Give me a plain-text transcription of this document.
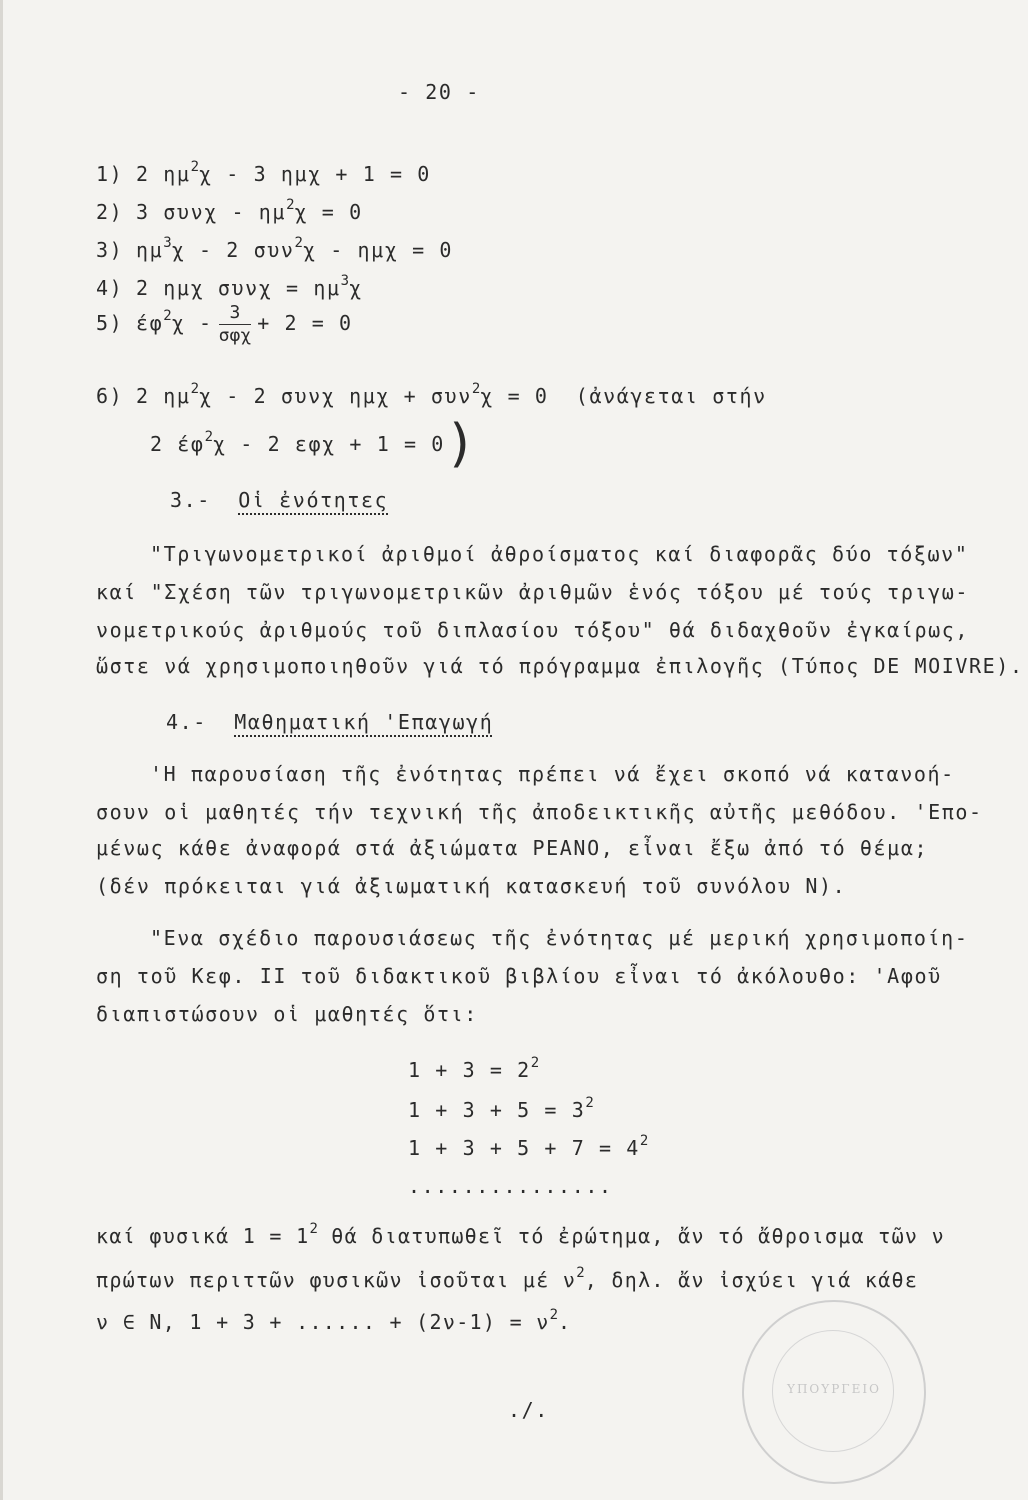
- 20 -
1) 2 $\eta\mu^2\chi - 3$ ημχ + 1 = 0
2) 3 $\sigma\upsilon\nu\chi - \eta\mu^2\chi = 0$
3) $\eta\mu^3\chi - 2$ συν$^2$χ - ημχ = 0
4) 2 ημχ $\sigma\upsilon\nu\chi = \eta\mu^3\chi$
5) $έ\varphi^2\chi - \frac{3}{\text{σφχ}} + 2 = 0$
6) 2 $\eta\mu^2\chi - 2$ συνχ ημχ + συν$^2$χ = 0 (ἀνάγεται στήν
2 $έ\varphi^2\chi - 2$ εφχ + 1 = 0)
3.- Οἱ ἐνότητες
"Τριγωνομετρικοί ἀριθμοί ἀθροίσματος καί διαφορᾶς δύο τόξων"
καί "Σχέση τῶν τριγωνομετρικῶν ἀριθμῶν ἑνός τόξου μέ τούς τριγω-
νομετρικούς ἀριθμούς τοῦ διπλασίου τόξου" θά διδαχθοῦν ἐγκαίρως,
ὥστε νά χρησιμοποιηθοῦν γιά τό πρόγραμμα ἐπιλογῆς (Τύπος DE MOIVRE).
4.- Μαθηματική 'Επαγωγή
'Η παρουσίαση τῆς ἐνότητας πρέπει νά ἔχει σκοπό νά κατανοή-
σουν οἱ μαθητές τήν τεχνική τῆς ἀποδεικτικῆς αὐτῆς μεθόδου. 'Επο-
μένως κάθε ἀναφορά στά ἀξιώματα PEANO, εἶναι ἔξω ἀπό τό θέμα;
(δέν πρόκειται γιά ἀξιωματική κατασκευή τοῦ συνόλου N).
"Ενα σχέδιο παρουσιάσεως τῆς ἐνότητας μέ μερική χρησιμοποίη-
ση τοῦ Κεφ. II τοῦ διδακτικοῦ βιβλίου εἶναι τό ἀκόλουθο: 'Αφοῦ
διαπιστώσουν οἱ μαθητές ὅτι:
$1 + 3 = 2^2$
$1 + 3 + 5 = 3^2$
$1 + 3 + 5 + 7 = 4^2$
...............
καί φυσικά $1 = 1^2$ θά διατυπωθεῖ τό ἐρώτημα, ἄν τό ἄθροισμα τῶν ν
πρώτων περιττῶν φυσικῶν ἰσοῦται μέ $\nu^2$, δηλ. ἄν ἰσχύει γιά κάθε
ν ∈ N, 1 + 3 + ...... + $(2\nu-1) = \nu^2$.
./.
ΥΠΟΥΡΓΕΙΟ
